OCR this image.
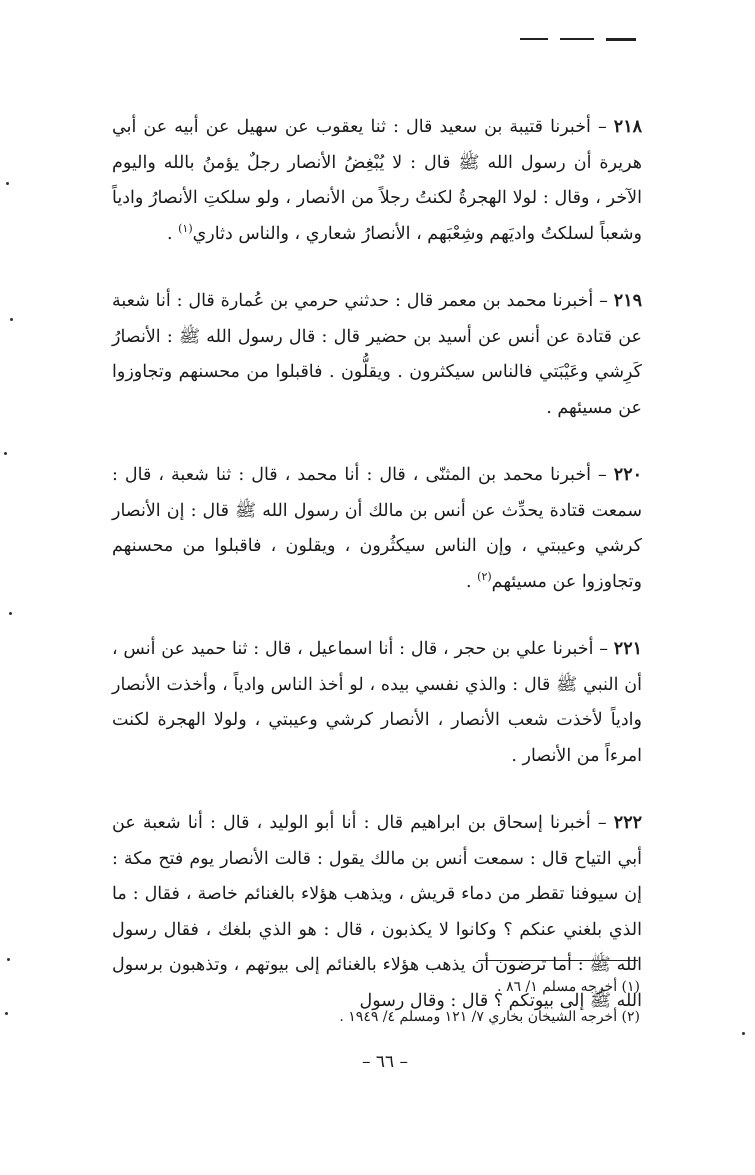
٢١٨ – أخبرنا قتيبة بن سعيد قال : ثنا يعقوب عن سهيل عن أبيه عن أبي هريرة أن رسول الله ﷺ قال : لا يُبْغِضُ الأنصار رجلٌ يؤمنُ بالله واليوم الآخر ، وقال : لولا الهجرةُ لكنتُ رجلاً من الأنصار ، ولو سلكتِ الأنصارُ وادياً وشعباً لسلكتُ واديَهم وشِعْبَهم ، الأنصارُ شعاري ، والناس دثاري$^{(١)}$ .

٢١٩ – أخبرنا محمد بن معمر قال : حدثني حرمي بن عُمارة قال : أنا شعبة عن قتادة عن أنس عن أسيد بن حضير قال : قال رسول الله ﷺ : الأنصارُ كَرِشي وعَيْبَتي فالناس سيكثرون . ويقلُّون . فاقبلوا من محسنهم وتجاوزوا عن مسيئهم .

٢٢٠ – أخبرنا محمد بن المثنّى ، قال : أنا محمد ، قال : ثنا شعبة ، قال : سمعت قتادة يحدِّث عن أنس بن مالك أن رسول الله ﷺ قال : إن الأنصار كرشي وعيبتي ، وإن الناس سيكثُرون ، ويقلون ، فاقبلوا من محسنهم وتجاوزوا عن مسيئهم$^{(٢)}$ .

٢٢١ – أخبرنا علي بن حجر ، قال : أنا اسماعيل ، قال : ثنا حميد عن أنس ، أن النبي ﷺ قال : والذي نفسي بيده ، لو أخذ الناس وادياً ، وأخذت الأنصار وادياً لأخذت شعب الأنصار ، الأنصار كرشي وعيبتي ، ولولا الهجرة لكنت امرءاً من الأنصار .

٢٢٢ – أخبرنا إسحاق بن ابراهيم قال : أنا أبو الوليد ، قال : أنا شعبة عن أبي التياح قال : سمعت أنس بن مالك يقول : قالت الأنصار يوم فتح مكة : إن سيوفنا تقطر من دماء قريش ، ويذهب هؤلاء بالغنائم خاصة ، فقال : ما الذي بلغني عنكم ؟ وكانوا لا يكذبون ، قال : هو الذي بلغك ، فقال رسول الله ﷺ : أما ترضون أن يذهب هؤلاء بالغنائم إلى بيوتهم ، وتذهبون برسول الله ﷺ إلى بيوتكم ؟ قال : وقال رسول

(١) أخرجه مسلم ١/ ٨٦ .
(٢) أخرجه الشيخان بخاري ٧/ ١٢١ ومسلم ٤/ ١٩٤٩ .
– ٦٦ –
